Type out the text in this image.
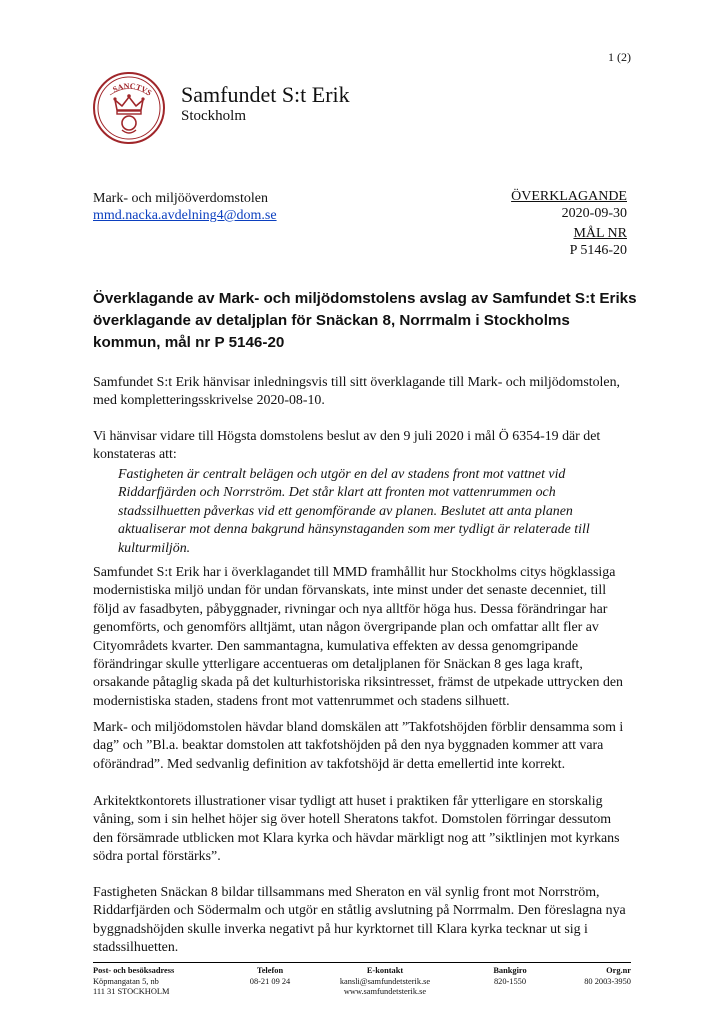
1 (2)
SANCTVS Samfundet S:t Erik
Stockholm
Mark- och miljööverdomstolen
mmd.nacka.avdelning4@dom.se
ÖVERKLAGANDE
2020-09-30
MÅL NR
P 5146-20
Överklagande av Mark- och miljödomstolens avslag av Samfundet S:t Eriks överklagande av detaljplan för Snäckan 8, Norrmalm i Stockholms kommun, mål nr P 5146-20

Samfundet S:t Erik hänvisar inledningsvis till sitt överklagande till Mark- och miljödomstolen, med kompletteringsskrivelse 2020-08-10.

Vi hänvisar vidare till Högsta domstolens beslut av den 9 juli 2020 i mål Ö 6354-19 där det konstateras att:

Fastigheten är centralt belägen och utgör en del av stadens front mot vattnet vid Riddarfjärden och Norrström. Det står klart att fronten mot vattenrummen och stadssilhuetten påverkas vid ett genomförande av planen. Beslutet att anta planen aktualiserar mot denna bakgrund hänsynstaganden som mer tydligt är relaterade till kulturmiljön.

Samfundet S:t Erik har i överklagandet till MMD framhållit hur Stockholms citys högklassiga modernistiska miljö undan för undan förvanskats, inte minst under det senaste decenniet, till följd av fasadbyten, påbyggnader, rivningar och nya alltför höga hus. Dessa förändringar har genomförts, och genomförs alltjämt, utan någon övergripande plan och omfattar allt fler av Cityområdets kvarter. Den sammantagna, kumulativa effekten av dessa genomgripande förändringar skulle ytterligare accentueras om detaljplanen för Snäckan 8 ges laga kraft, orsakande påtaglig skada på det kulturhistoriska riksintresset, främst de utpekade uttrycken den modernistiska staden, stadens front mot vattenrummet och stadens silhuett.

Mark- och miljödomstolen hävdar bland domskälen att ”Takfotshöjden förblir densamma som i dag” och ”Bl.a. beaktar domstolen att takfotshöjden på den nya byggnaden kommer att vara oförändrad”. Med sedvanlig definition av takfotshöjd är detta emellertid inte korrekt.

Arkitektkontorets illustrationer visar tydligt att huset i praktiken får ytterligare en storskalig våning, som i sin helhet höjer sig över hotell Sheratons takfot. Domstolen förringar dessutom den försämrade utblicken mot Klara kyrka och hävdar märkligt nog att ”siktlinjen mot kyrkans södra portal förstärks”.

Fastigheten Snäckan 8 bildar tillsammans med Sheraton en väl synlig front mot Norrström, Riddarfjärden och Södermalm och utgör en ståtlig avslutning på Norrmalm. Den föreslagna nya byggnadshöjden skulle inverka negativt på hur kyrktornet till Klara kyrka tecknar ut sig i stadssilhuetten.

Post- och besöksadress
Köpmangatan 5, nb
111 31 STOCKHOLM
Telefon
08-21 09 24
E-kontakt
kansli@samfundetsterik.se
www.samfundetsterik.se
Bankgiro
820-1550
Org.nr
80 2003-3950
